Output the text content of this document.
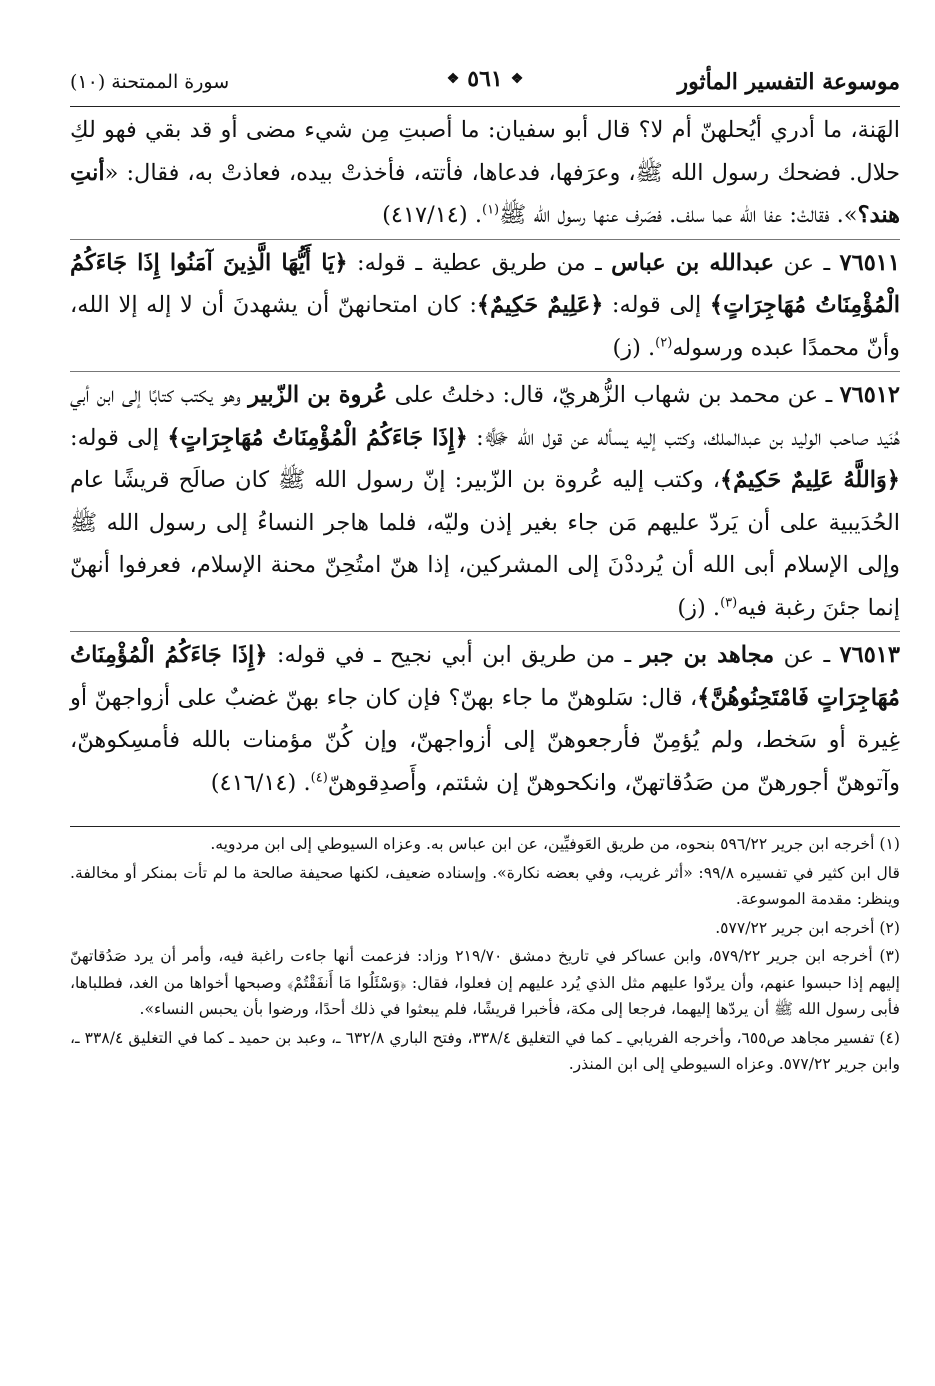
موسوعة التفسير المأثور
سورة الممتحنة (١٠)	❖
٥٦١
❖

الهَنة، ما أدري أيُحلهنّ أم لا؟ قال أبو سفيان: ما أصبتِ مِن شيء مضى أو قد بقي فهو لكِ حلال. فضحك رسول الله ﷺ، وعرَفها، فدعاها، فأتته، فأخذتْ بيده، فعاذتْ به، فقال: «أنتِ هند؟». فقالتْ: عفا الله عما سلف. فصَرف عنها رسول الله ﷺ$^{(١)}$. (٤١٧/١٤)

٧٦٥١١ ـ عن عبدالله بن عباس ـ من طريق عطية ـ قوله: ﴿يَا أَيُّهَا الَّذِينَ آمَنُوا إِذَا جَاءَكُمُ الْمُؤْمِنَاتُ مُهَاجِرَاتٍ﴾ إلى قوله: ﴿عَلِيمٌ حَكِيمٌ﴾: كان امتحانهنّ أن يشهدنَ أن لا إله إلا الله، وأنّ محمدًا عبده ورسوله$^{(٢)}$. (ز)

٧٦٥١٢ ـ عن محمد بن شهاب الزُّهريّ، قال: دخلتُ على عُروة بن الزّبير وهو يكتب كتابًا إلى ابن أبي هُنَيد صاحب الوليد بن عبدالملك، وكتب إليه يسأله عن قول الله ﷻ: ﴿إِذَا جَاءَكُمُ الْمُؤْمِنَاتُ مُهَاجِرَاتٍ﴾ إلى قوله: ﴿وَاللَّهُ عَلِيمٌ حَكِيمٌ﴾، وكتب إليه عُروة بن الزّبير: إنّ رسول الله ﷺ كان صالَح قريشًا عام الحُدَيبية على أن يَردّ عليهم مَن جاء بغير إذن وليّه، فلما هاجر النساءُ إلى رسول الله ﷺ وإلى الإسلام أبى الله أن يُرددْنَ إلى المشركين، إذا هنّ امتُحِنّ محنة الإسلام، فعرفوا أنهنّ إنما جئنَ رغبة فيه$^{(٣)}$. (ز)

٧٦٥١٣ ـ عن مجاهد بن جبر ـ من طريق ابن أبي نجيح ـ في قوله: ﴿إِذَا جَاءَكُمُ الْمُؤْمِنَاتُ مُهَاجِرَاتٍ فَامْتَحِنُوهُنَّ﴾، قال: سَلوهنّ ما جاء بهنّ؟ فإن كان جاء بهنّ غضبٌ على أزواجهنّ أو غِيرة أو سَخط، ولم يُؤمِنّ فأرجعوهنّ إلى أزواجهنّ، وإن كُنّ مؤمنات بالله فأمسِكوهنّ، وآتوهنّ أجورهنّ من صَدُقاتهنّ، وانكحوهنّ إن شئتم، وأَصدِقوهنّ$^{(٤)}$. (٤١٦/١٤)

(١) أخرجه ابن جرير ٥٩٦/٢٢ بنحوه، من طريق العَوفيِّين، عن ابن عباس به. وعزاه السيوطي إلى ابن مردويه.

قال ابن كثير في تفسيره ٩٩/٨: «أثر غريب، وفي بعضه نكارة». وإسناده ضعيف، لكنها صحيفة صالحة ما لم تأت بمنكر أو مخالفة. وينظر: مقدمة الموسوعة.

(٢) أخرجه ابن جرير ٥٧٧/٢٢.

(٣) أخرجه ابن جرير ٥٧٩/٢٢، وابن عساكر في تاريخ دمشق ٢١٩/٧٠ وزاد: فزعمت أنها جاءت راغبة فيه، وأمر أن يرد صَدُقاتهنّ إليهم إذا حبسوا عنهم، وأن يردّوا عليهم مثل الذي يُرد عليهم إن فعلوا، فقال: ﴿وَسْئَلُوا مَا أَنفَقْتُمْ﴾ وصبحها أخواها من الغد، فطلباها، فأبى رسول الله ﷺ أن يردّها إليهما، فرجعا إلى مكة، فأخبرا قريشًا، فلم يبعثوا في ذلك أحدًا، ورضوا بأن يحبس النساء».

(٤) تفسير مجاهد ص٦٥٥، وأخرجه الفريابي ـ كما في التغليق ٣٣٨/٤، وفتح الباري ٦٣٢/٨ ـ، وعبد بن حميد ـ كما في التغليق ٣٣٨/٤ ـ، وابن جرير ٥٧٧/٢٢. وعزاه السيوطي إلى ابن المنذر.
